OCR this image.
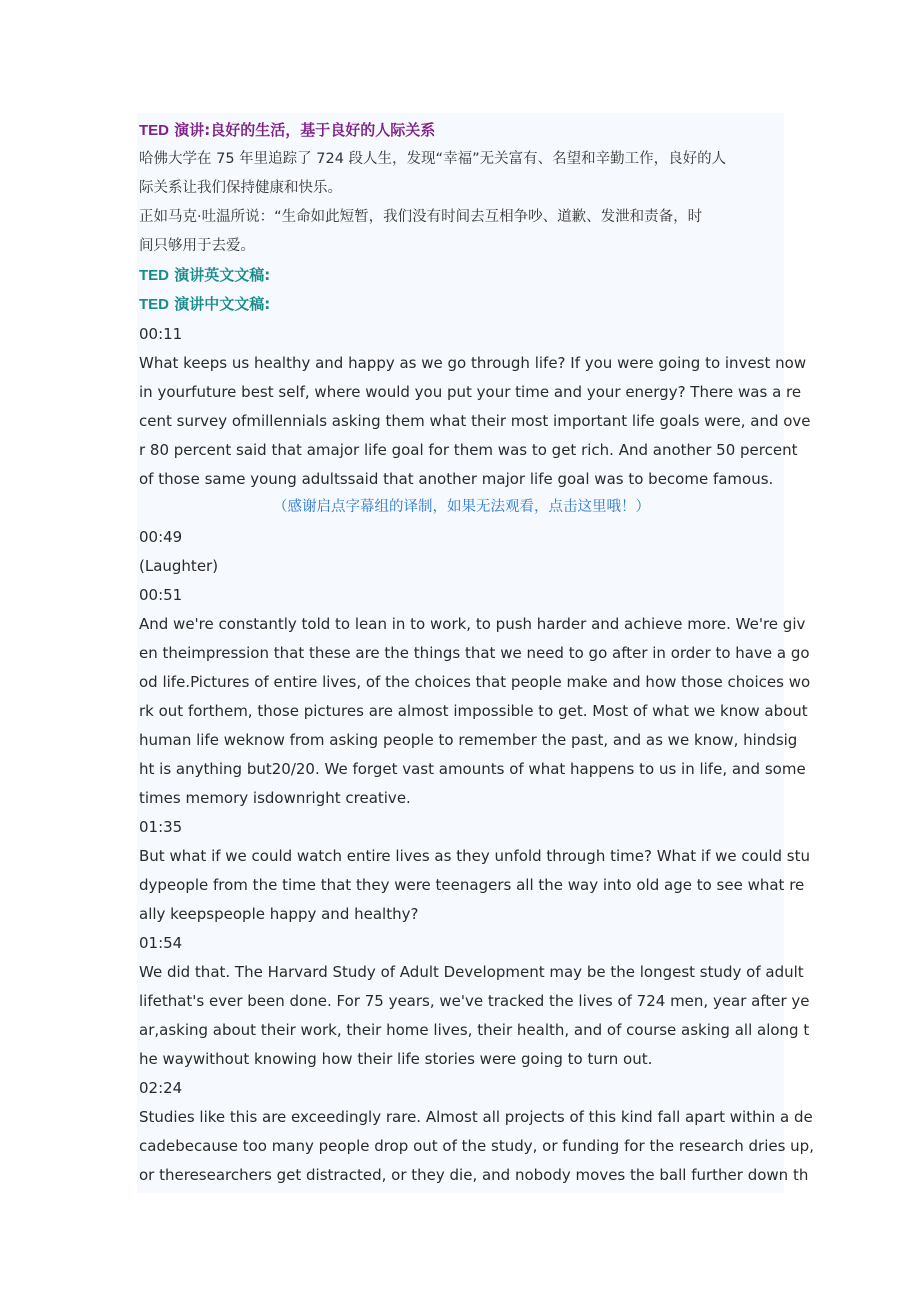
TED 演讲:良好的生活，基于良好的人际关系
哈佛大学在 75 年里追踪了 724 段人生，发现“幸福”无关富有、名望和辛勤工作，良好的人
际关系让我们保持健康和快乐。
正如马克·吐温所说：“生命如此短暂，我们没有时间去互相争吵、道歉、发泄和责备，时
间只够用于去爱。
TED 演讲英文文稿:
TED 演讲中文文稿:
00:11
What keeps us healthy and happy as we go through life? If you were going to invest now
in yourfuture best self, where would you put your time and your energy? There was a re
cent survey ofmillennials asking them what their most important life goals were, and ove
r 80 percent said that amajor life goal for them was to get rich. And another 50 percent
of those same young adultssaid that another major life goal was to become famous.
（感谢启点字幕组的译制，如果无法观看，点击这里哦！）
00:49
(Laughter)
00:51
And we're constantly told to lean in to work, to push harder and achieve more. We're giv
en theimpression that these are the things that we need to go after in order to have a go
od life.Pictures of entire lives, of the choices that people make and how those choices wo
rk out forthem, those pictures are almost impossible to get. Most of what we know about
human life weknow from asking people to remember the past, and as we know, hindsig
ht is anything but20/20. We forget vast amounts of what happens to us in life, and some
times memory isdownright creative.
01:35
But what if we could watch entire lives as they unfold through time? What if we could stu
dypeople from the time that they were teenagers all the way into old age to see what re
ally keepspeople happy and healthy?
01:54
We did that. The Harvard Study of Adult Development may be the longest study of adult
lifethat's ever been done. For 75 years, we've tracked the lives of 724 men, year after ye
ar,asking about their work, their home lives, their health, and of course asking all along t
he waywithout knowing how their life stories were going to turn out.
02:24
Studies like this are exceedingly rare. Almost all projects of this kind fall apart within a de
cadebecause too many people drop out of the study, or funding for the research dries up,
or theresearchers get distracted, or they die, and nobody moves the ball further down th
